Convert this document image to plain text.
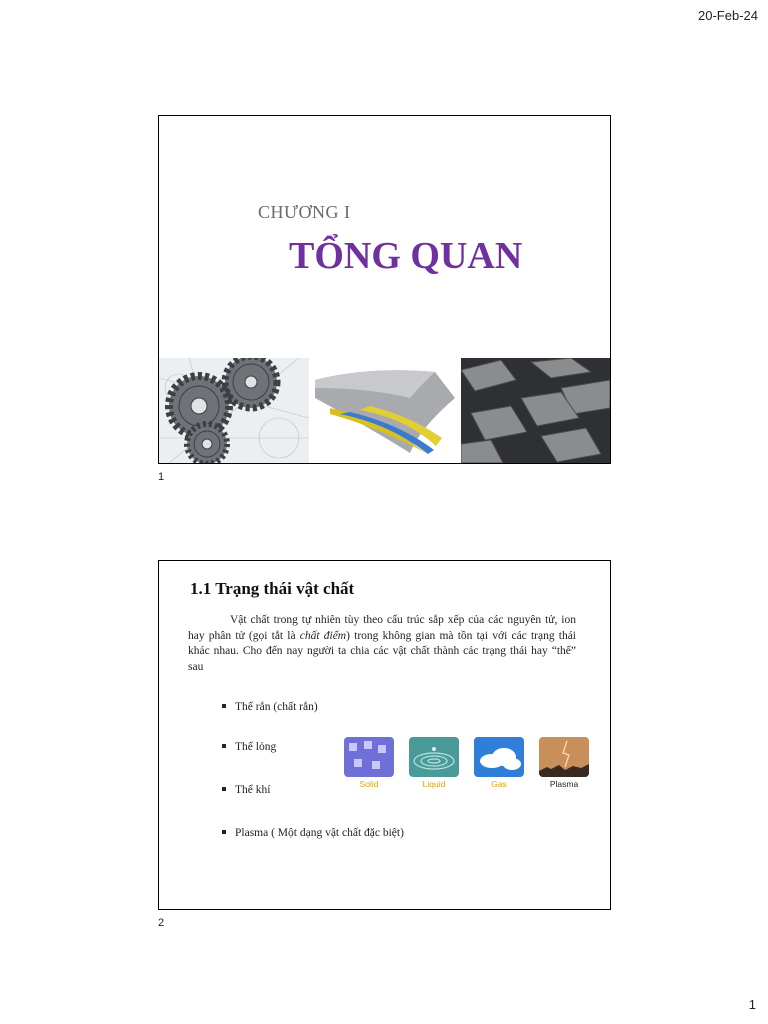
20-Feb-24
CHƯƠNG I
TỔNG QUAN
1
1.1 Trạng thái vật chất
Vật chất trong tự nhiên tùy theo cấu trúc sắp xếp của các nguyên tử, ion hay phân tử (gọi tắt là chất điểm) trong không gian mà tồn tại với các trạng thái khác nhau. Cho đến nay người ta chia các vật chất thành các trạng thái hay “thể” sau
Thể rắn (chất rắn)
Thể lỏng
Thể khí
Plasma ( Một dạng vật chất đặc biệt)
Solid	Liquid	Gas	Plasma
2
1
